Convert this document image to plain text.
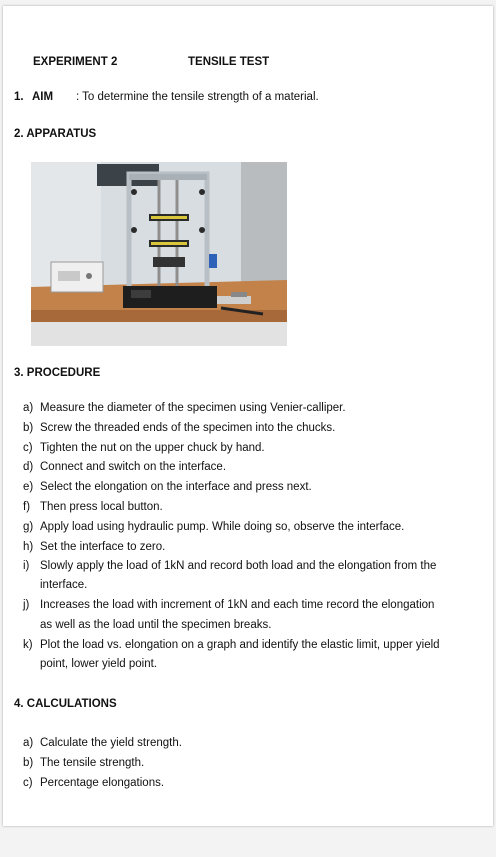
EXPERIMENT 2	TENSILE TEST
1. AIM : To determine the tensile strength of a material.
2. APPARATUS
3. PROCEDURE
a) Measure the diameter of the specimen using Venier-calliper.
b) Screw the threaded ends of the specimen into the chucks.
c) Tighten the nut on the upper chuck by hand.
d) Connect and switch on the interface.
e) Select the elongation on the interface and press next.
f) Then press local button.
g) Apply load using hydraulic pump. While doing so, observe the interface.
h) Set the interface to zero.
i) Slowly apply the load of 1kN and record both load and the elongation from the
interface.
j) Increases the load with increment of 1kN and each time record the elongation
as well as the load until the specimen breaks.
k) Plot the load vs. elongation on a graph and identify the elastic limit, upper yield
point, lower yield point.
4. CALCULATIONS
a) Calculate the yield strength.
b) The tensile strength.
c) Percentage elongations.
